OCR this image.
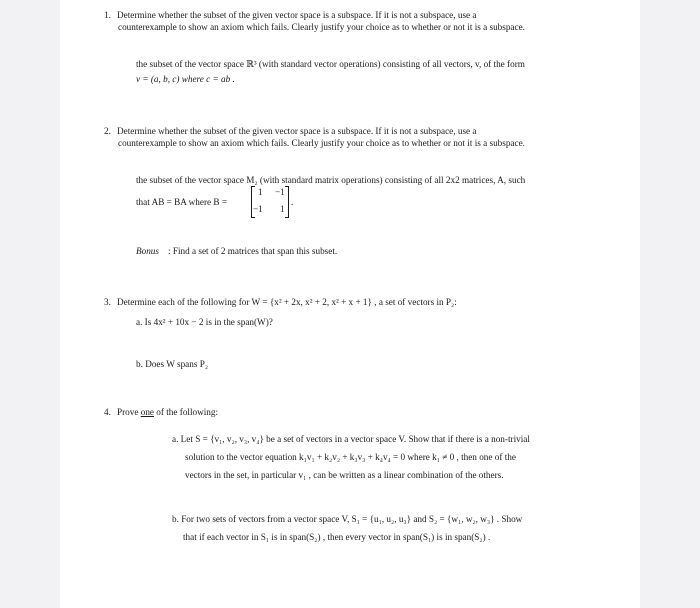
1. Determine whether the subset of the given vector space is a subspace. If it is not a subspace, use a
counterexample to show an axiom which fails. Clearly justify your choice as to whether or not it is a subspace.
the subset of the vector space ℝ³ (with standard vector operations) consisting of all vectors, v, of the form
v = (a, b, c) where c = ab .
2. Determine whether the subset of the given vector space is a subspace. If it is not a subspace, use a
counterexample to show an axiom which fails. Clearly justify your choice as to whether or not it is a subspace.
the subset of the vector space M₂ (with standard matrix operations) consisting of all 2x2 matrices, A, such
that AB = BA where B =
1 −1
−1 1
.
Bonus : Find a set of 2 matrices that span this subset.
3. Determine each of the following for W = {x² + 2x, x² + 2, x² + x + 1} , a set of vectors in P₂:
a. Is 4x² + 10x − 2 is in the span(W)?
b. Does W spans P₂
4. Prove one of the following:
a. Let S = {v₁, v₂, v₃, v₄} be a set of vectors in a vector space V. Show that if there is a non-trivial
solution to the vector equation k₁v₁ + k₂v₂ + k₃v₃ + k₄v₄ = 0 where k₁ ≠ 0 , then one of the
vectors in the set, in particular v₁ , can be written as a linear combination of the others.
b. For two sets of vectors from a vector space V, S₁ = {u₁, u₂, u₃} and S₂ = {w₁, w₂, w₃} . Show
that if each vector in S₁ is in span(S₂) , then every vector in span(S₁) is in span(S₂) .
